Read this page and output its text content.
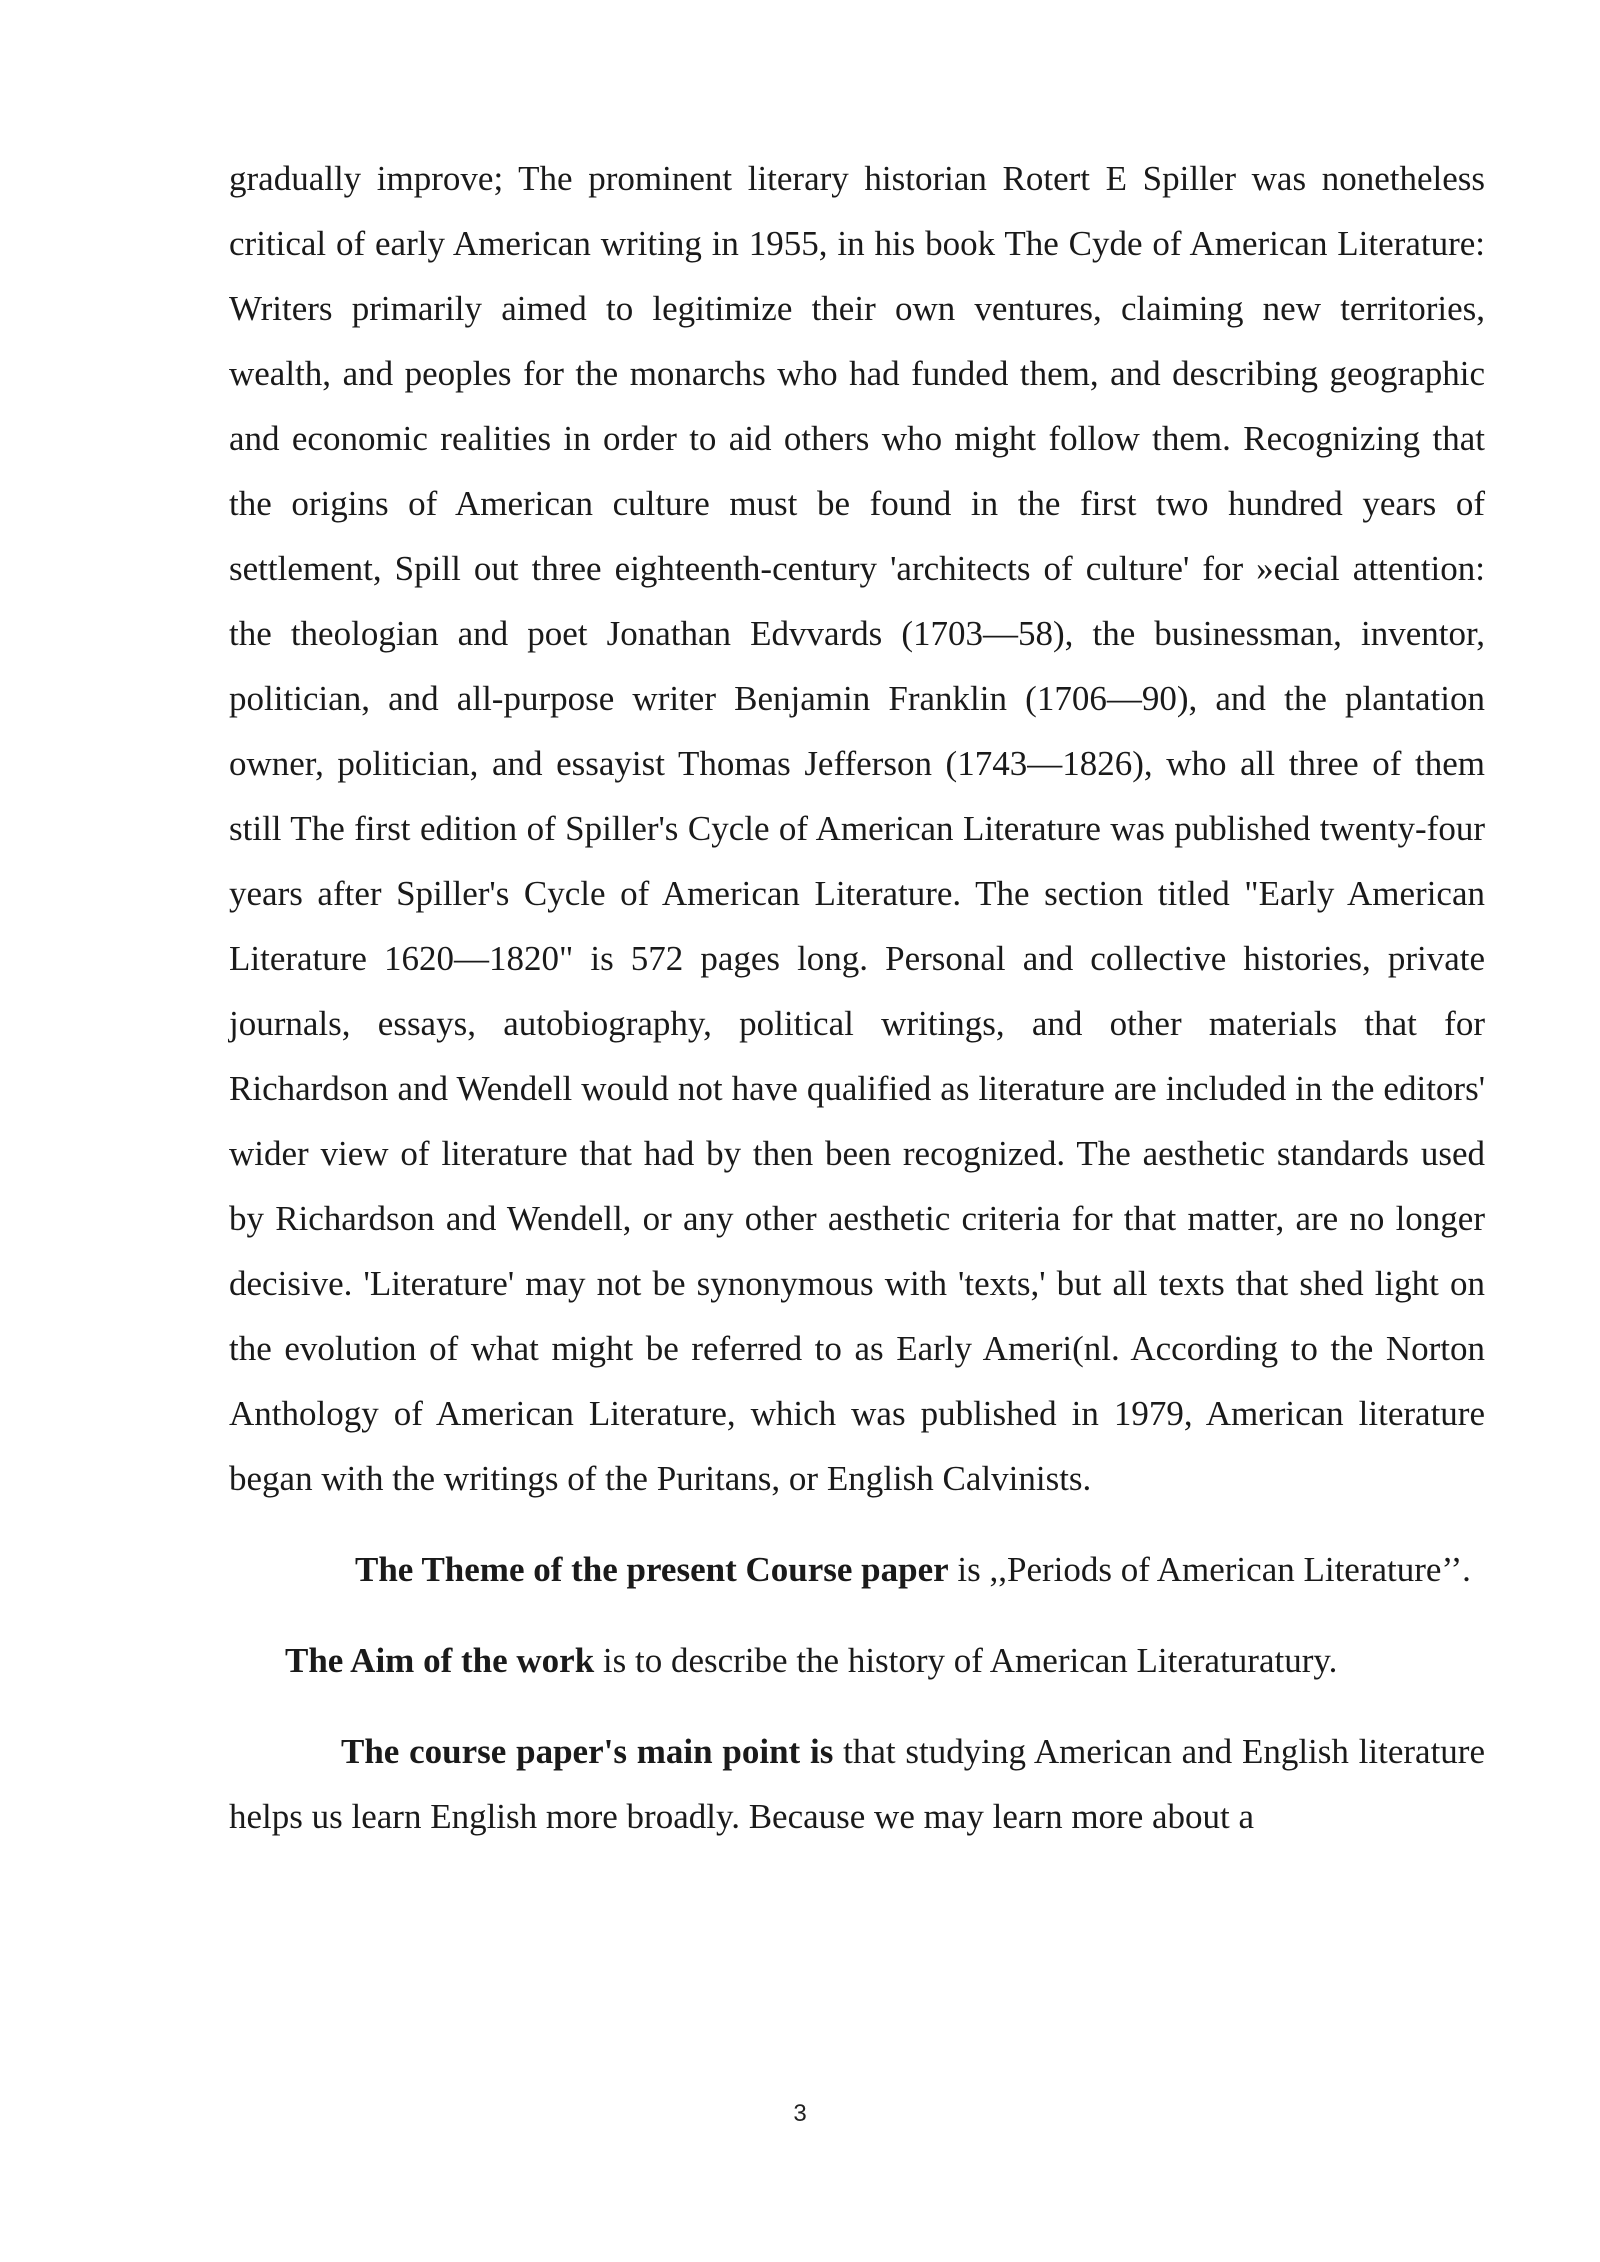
gradually improve; The prominent literary historian Rotert E Spiller was nonetheless critical of early American writing in 1955, in his book The Cyde of American Literature: Writers primarily aimed to legitimize their own ventures, claiming new territories, wealth, and peoples for the monarchs who had funded them, and describing geographic and economic realities in order to aid others who might follow them. Recognizing that the origins of American culture must be found in the first two hundred years of settlement, Spill out three eighteenth-century 'architects of culture' for »ecial attention: the theologian and poet Jonathan Edvvards (1703—58), the businessman, inventor, politician, and all-purpose writer Benjamin Franklin (1706—90), and the plantation owner, politician, and essayist Thomas Jefferson (1743—1826), who all three of them still The first edition of Spiller's Cycle of American Literature was published twenty-four years after Spiller's Cycle of American Literature. The section titled "Early American Literature 1620—1820" is 572 pages long. Personal and collective histories, private journals, essays, autobiography, political writings, and other materials that for Richardson and Wendell would not have qualified as literature are included in the editors' wider view of literature that had by then been recognized. The aesthetic standards used by Richardson and Wendell, or any other aesthetic criteria for that matter, are no longer decisive. 'Literature' may not be synonymous with 'texts,' but all texts that shed light on the evolution of what might be referred to as Early Ameri(nl. According to the Norton Anthology of American Literature, which was published in 1979, American literature began with the writings of the Puritans, or English Calvinists.

The Theme of the present Course paper is ,,Periods of American Literature’’.

The Aim of the work is to describe the history of American Literaturatury.

The course paper's main point is that studying American and English literature helps us learn English more broadly. Because we may learn more about a

3
